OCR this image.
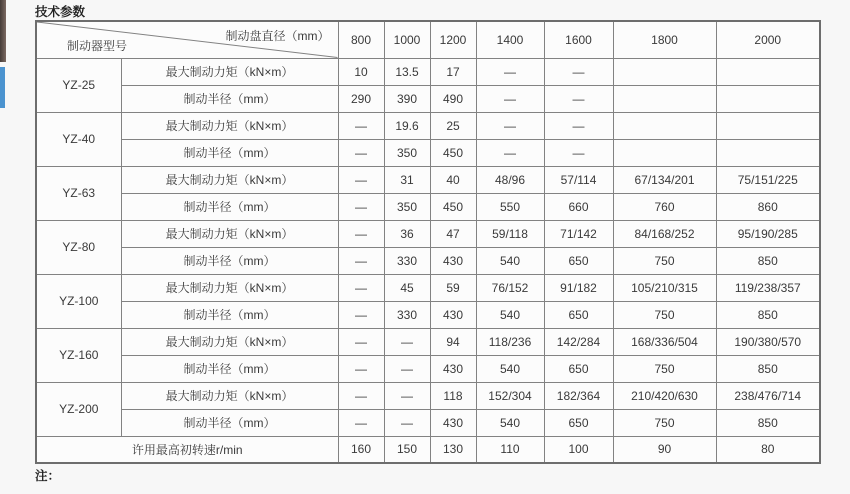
技术参数
制动盘直径（mm）
制动器型号		800	1000	1200	1400	1600	1800	2000
YZ-25	最大制动力矩（kN×m）	10	13.5	17	—	—		
	制动半径（mm）	290	390	490	—	—		
YZ-40	最大制动力矩（kN×m）	—	19.6	25	—	—		
	制动半径（mm）	—	350	450	—	—		
YZ-63	最大制动力矩（kN×m）	—	31	40	48/96	57/114	67/134/201	75/151/225
	制动半径（mm）	—	350	450	550	660	760	860
YZ-80	最大制动力矩（kN×m）	—	36	47	59/118	71/142	84/168/252	95/190/285
	制动半径（mm）	—	330	430	540	650	750	850
YZ-100	最大制动力矩（kN×m）	—	45	59	76/152	91/182	105/210/315	119/238/357
	制动半径（mm）	—	330	430	540	650	750	850
YZ-160	最大制动力矩（kN×m）	—	—	94	118/236	142/284	168/336/504	190/380/570
	制动半径（mm）	—	—	430	540	650	750	850
YZ-200	最大制动力矩（kN×m）	—	—	118	152/304	182/364	210/420/630	238/476/714
	制动半径（mm）	—	—	430	540	650	750	850
许用最高初转速r/min		160	150	130	110	100	90	80
注：
